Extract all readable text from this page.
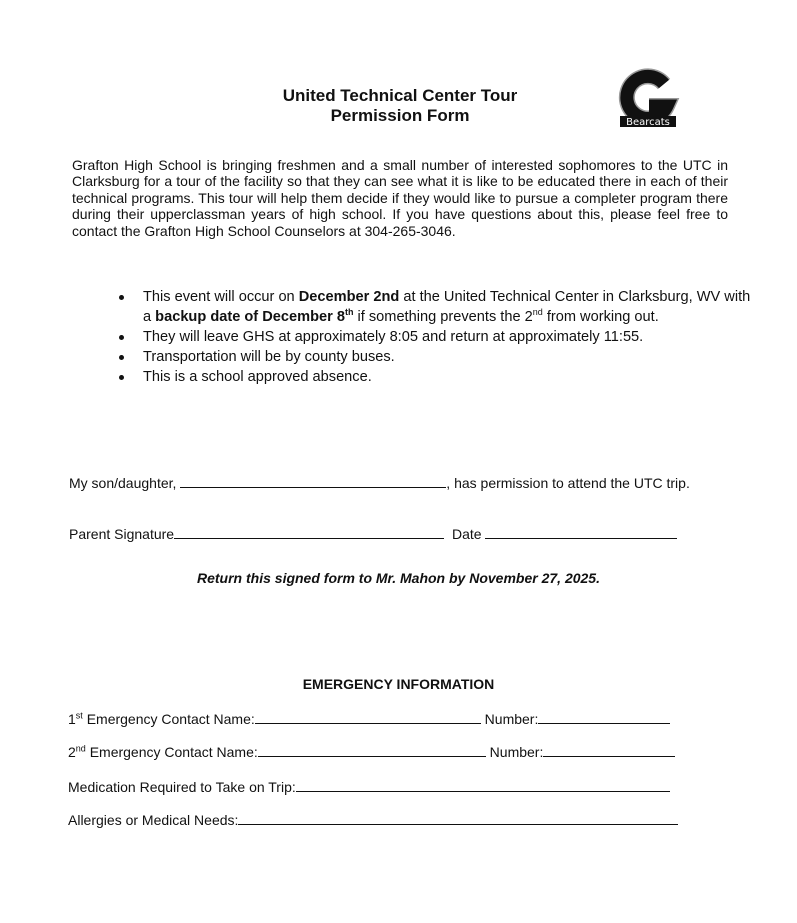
United Technical Center Tour
Permission Form	Bearcats
Grafton High School is bringing freshmen and a small number of interested sophomores to the UTC in Clarksburg for a tour of the facility so that they can see what it is like to be educated there in each of their technical programs. This tour will help them decide if they would like to pursue a completer program there during their upperclassman years of high school. If you have questions about this, please feel free to contact the Grafton High School Counselors at 304-265-3046.
This event will occur on December 2nd at the United Technical Center in Clarksburg, WV with a backup date of December 8th if something prevents the 2nd from working out.
They will leave GHS at approximately 8:05 and return at approximately 11:55.
Transportation will be by county buses.
This is a school approved absence.
My son/daughter,	, has permission to attend the UTC trip.
Parent Signature	Date
Return this signed form to Mr. Mahon by November 27, 2025.
EMERGENCY INFORMATION
1st Emergency Contact Name:	Number:
2nd Emergency Contact Name:	Number:
Medication Required to Take on Trip:
Allergies or Medical Needs:
